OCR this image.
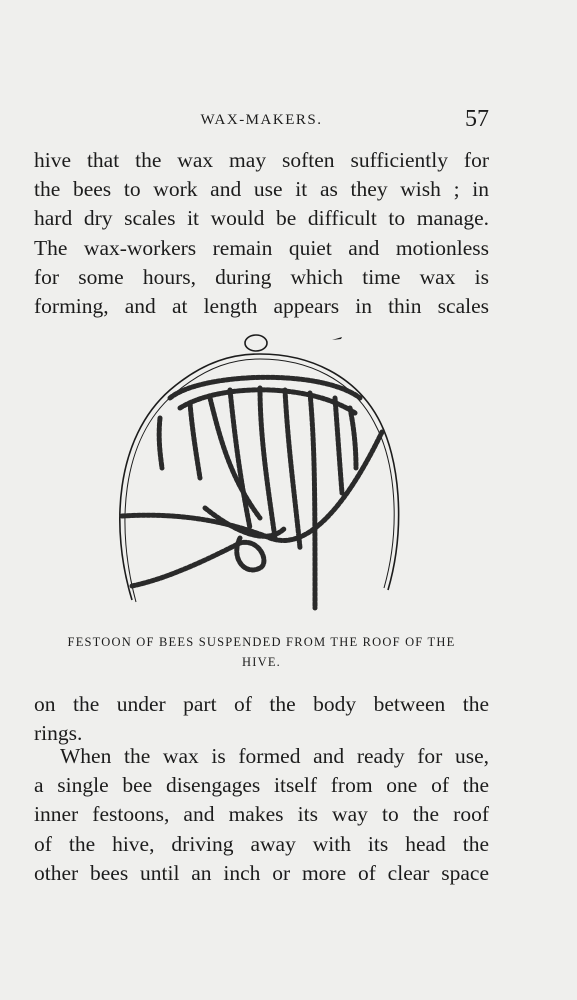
WAX-MAKERS.	57

hive that the wax may soften sufficiently for
the bees to work and use it as they wish ; in
hard dry scales it would be difficult to manage.
The wax-workers remain quiet and motionless
for some hours, during which time wax is
forming, and at length appears in thin scales

FESTOON OF BEES SUSPENDED FROM THE ROOF OF THE
HIVE.

on the under part of the body between the
rings.

When the wax is formed and ready for use,
a single bee disengages itself from one of the
inner festoons, and makes its way to the roof
of the hive, driving away with its head the
other bees until an inch or more of clear space
